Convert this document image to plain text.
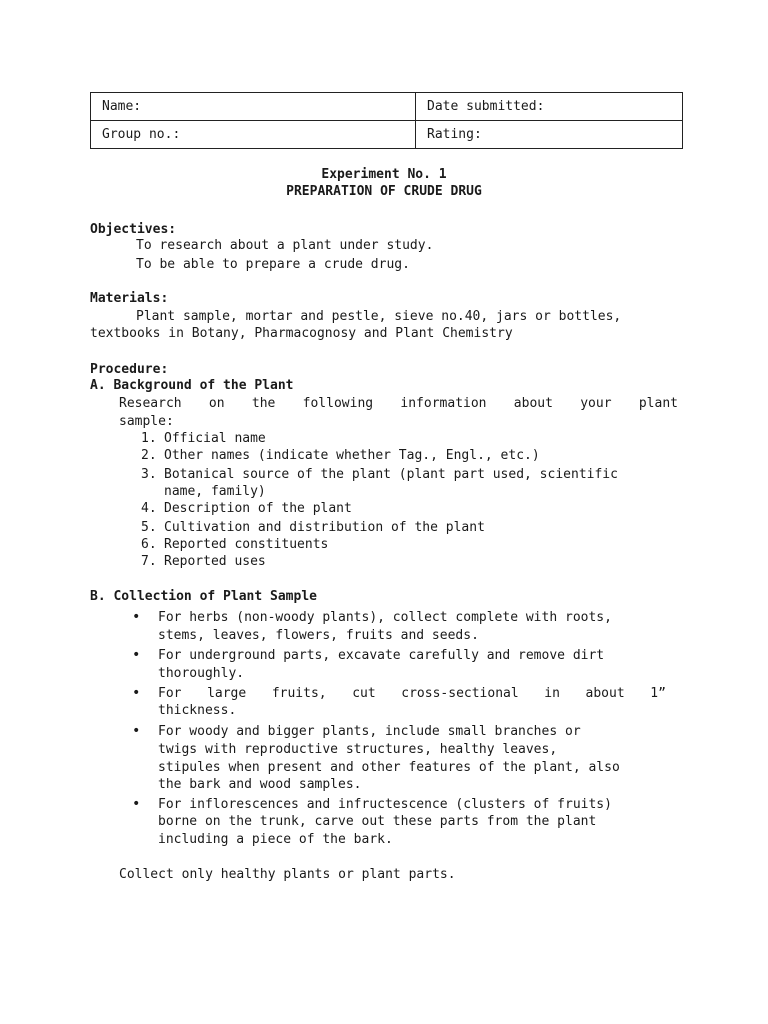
Name:	Date submitted:
Group no.:	Rating:
Experiment No. 1
PREPARATION OF CRUDE DRUG
Objectives:
To research about a plant under study.
To be able to prepare a crude drug.
Materials:
Plant sample, mortar and pestle, sieve no.40, jars or bottles,
textbooks in Botany, Pharmacognosy and Plant Chemistry
Procedure:
A. Background of the Plant
Research on the following information about your plant
sample:
1. Official name
2. Other names (indicate whether Tag., Engl., etc.)
3. Botanical source of the plant (plant part used, scientific
name, family)
4. Description of the plant
5. Cultivation and distribution of the plant
6. Reported constituents
7. Reported uses
B. Collection of Plant Sample
• For herbs (non-woody plants), collect complete with roots,
stems, leaves, flowers, fruits and seeds.
• For underground parts, excavate carefully and remove dirt
thoroughly.
• For large fruits, cut cross-sectional in about 1”
thickness.
• For woody and bigger plants, include small branches or
twigs with reproductive structures, healthy leaves,
stipules when present and other features of the plant, also
the bark and wood samples.
• For inflorescences and infructescence (clusters of fruits)
borne on the trunk, carve out these parts from the plant
including a piece of the bark.
Collect only healthy plants or plant parts.
